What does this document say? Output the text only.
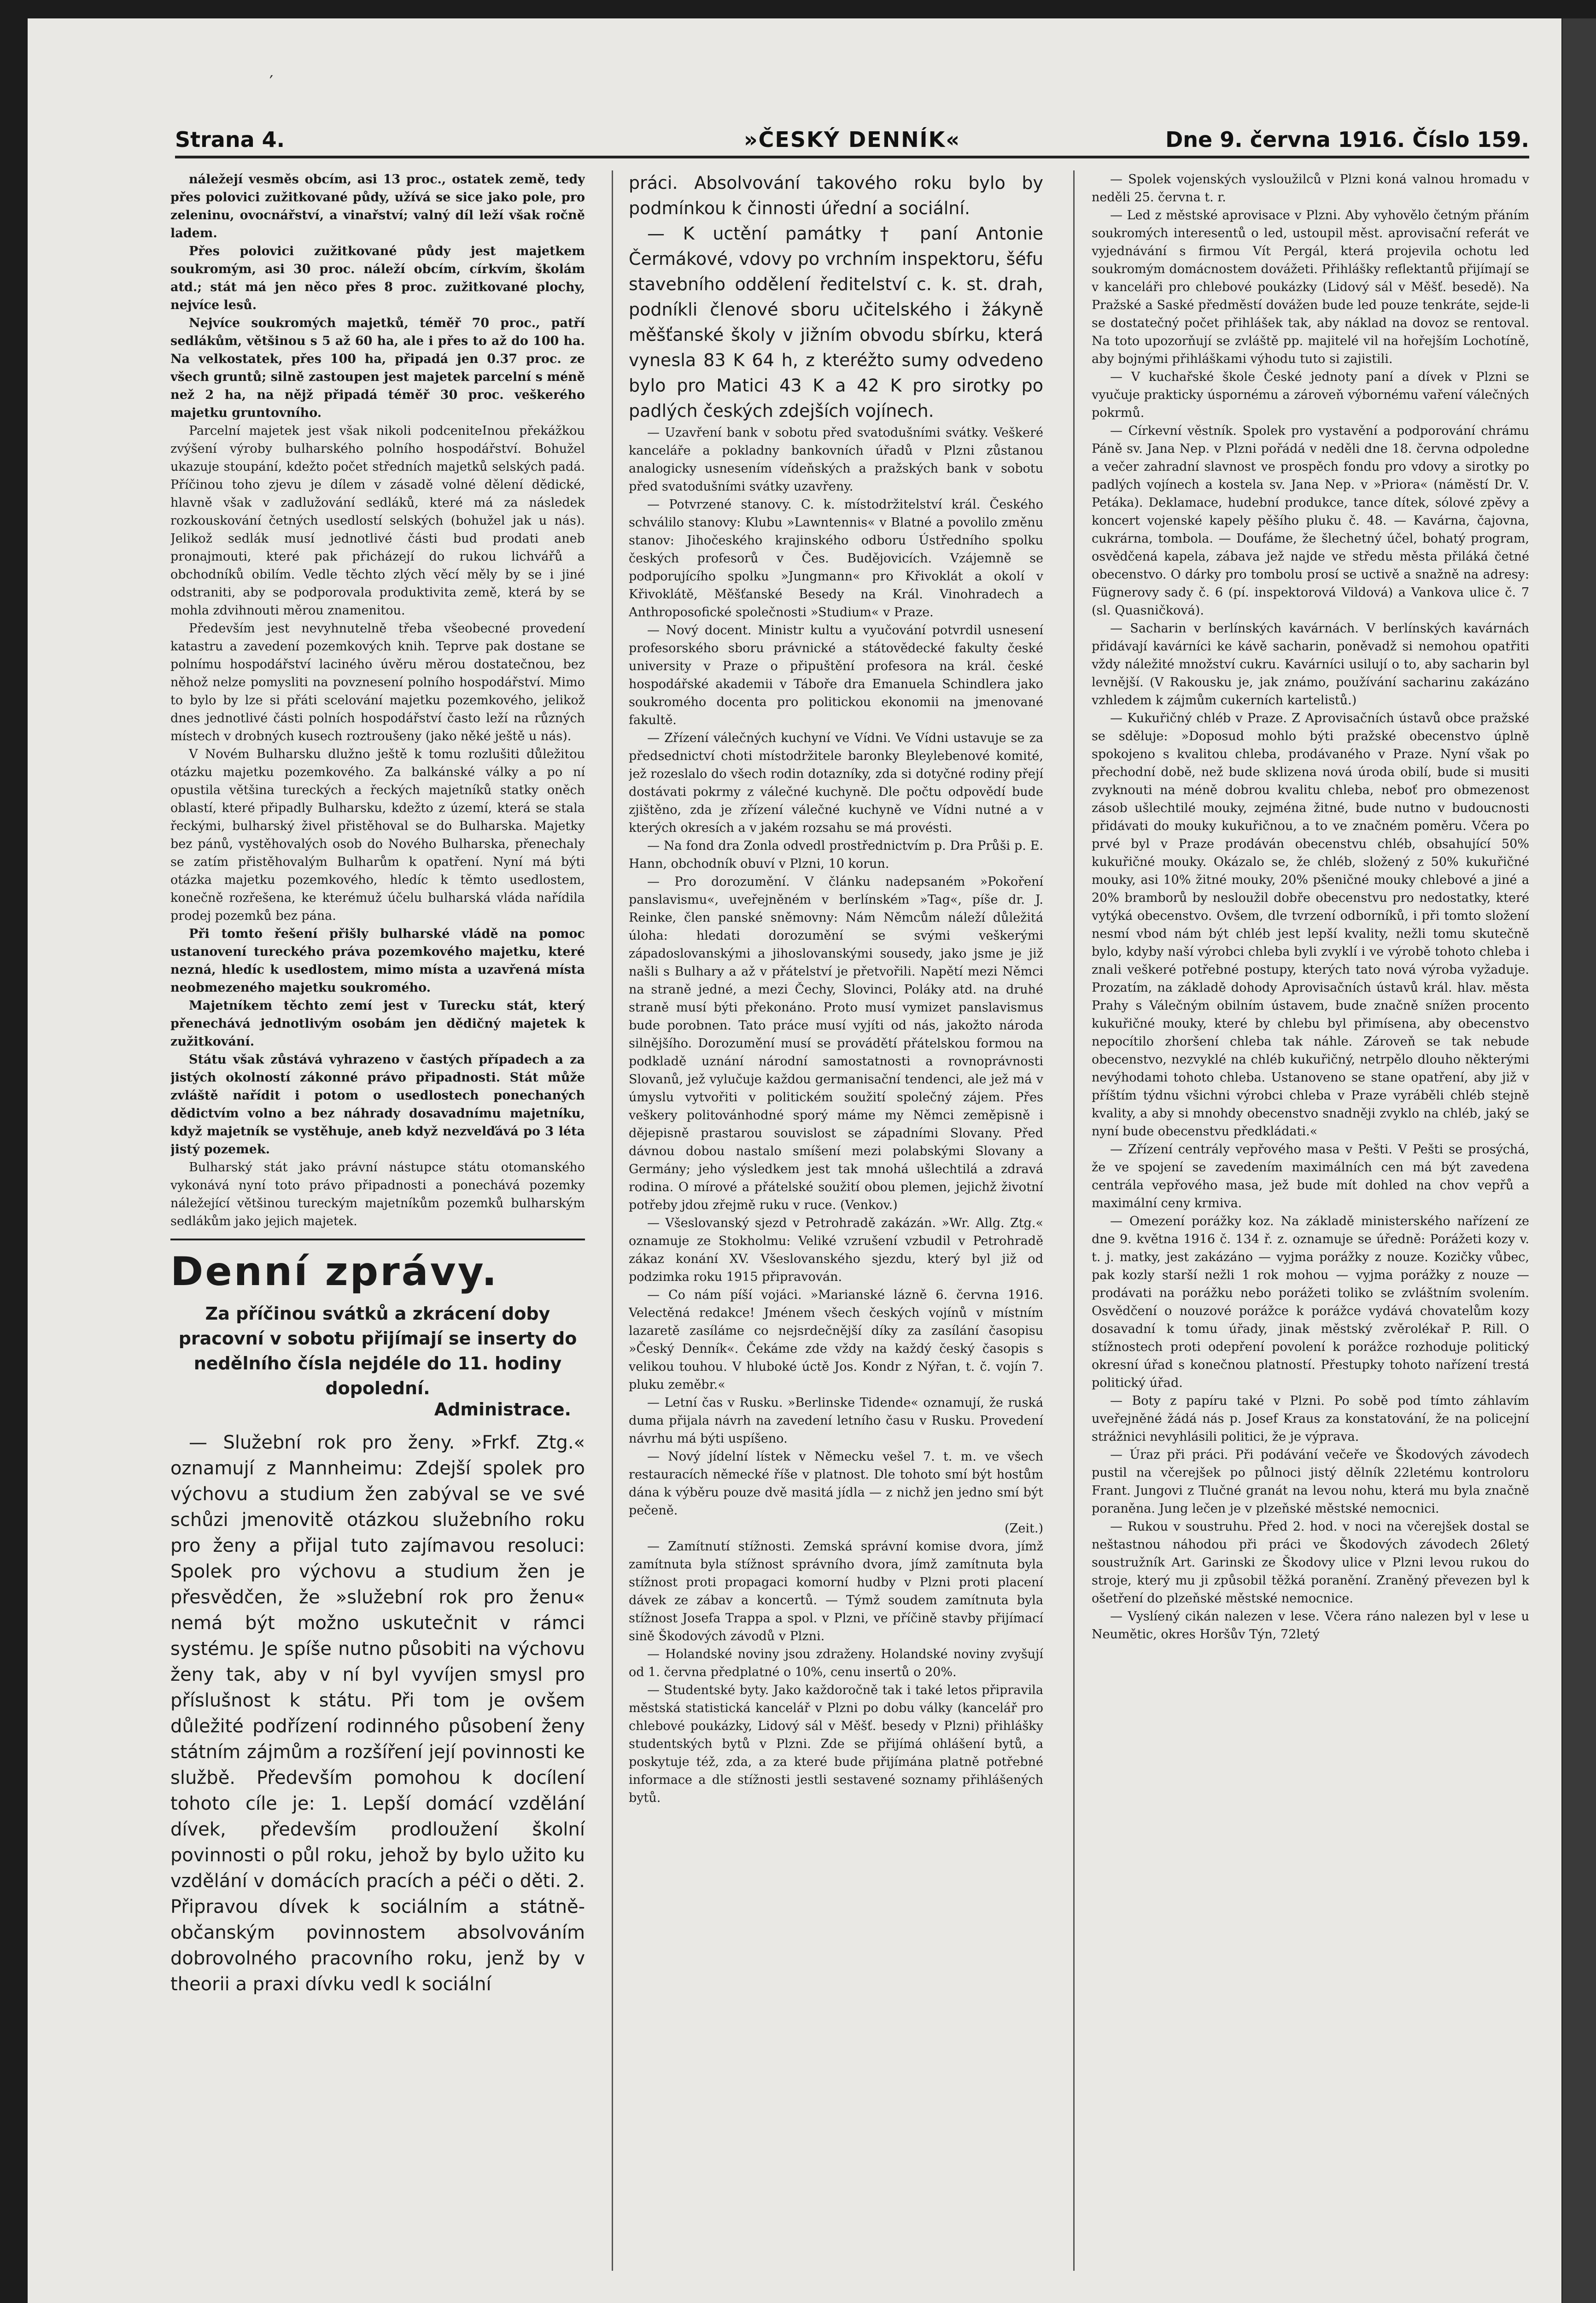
′
Strana 4.	»ČESKÝ DENNÍK«	Dne 9. června 1916. Číslo 159.

náležejí vesměs obcím, asi 13 proc., ostatek země, tedy přes polovici zužitkované půdy, užívá se sice jako pole, pro zeleninu, ovocnářství, a vinařství; valný díl leží však ročně ladem.

Přes polovici zužitkované půdy jest majetkem soukromým, asi 30 proc. náleží obcím, církvím, školám atd.; stát má jen něco přes 8 proc. zužitkované plochy, nejvíce lesů.

Nejvíce soukromých majetků, téměř 70 proc., patří sedlákům, většinou s 5 až 60 ha, ale i přes to až do 100 ha. Na velkostatek, přes 100 ha, připadá jen 0.37 proc. ze všech gruntů; silně zastoupen jest majetek parcelní s méně než 2 ha, na nějž připadá téměř 30 proc. veškerého majetku gruntovního.

Parcelní majetek jest však nikoli podceniteInou překážkou zvýšení výroby bulharského polního hospodářství. Bohužel ukazuje stoupání, kdežto počet středních majetků selských padá. Příčinou toho zjevu je dílem v zásadě volné dělení dědické, hlavně však v zadlužování sedláků, které má za následek rozkouskování četných usedlostí selských (bohužel jak u nás). Jelikož sedlák musí jednotlivé části bud prodati aneb pronajmouti, které pak přicházejí do rukou lichvářů a obchodníků obilím. Vedle těchto zlých věcí měly by se i jiné odstraniti, aby se podporovala produktivita země, která by se mohla zdvihnouti měrou znamenitou.

Především jest nevyhnutelně třeba všeobecné provedení katastru a zavedení pozemkových knih. Teprve pak dostane se polnímu hospodářství laciného úvěru měrou dostatečnou, bez něhož nelze pomysliti na povznesení polního hospodářství. Mimo to bylo by lze si přáti scelování majetku pozemkového, jelikož dnes jednotlivé části polních hospodářství často leží na různých místech v drobných kusech roztroušeny (jako něké ještě u nás).

V Novém Bulharsku dlužno ještě k tomu rozlušiti důležitou otázku majetku pozemkového. Za balkánské války a po ní opustila většina tureckých a řeckých majetníků statky oněch oblastí, které připadly Bulharsku, kdežto z území, která se stala řeckými, bulharský živel přistěhoval se do Bulharska. Majetky bez pánů, vystěhovalých osob do Nového Bulharska, přenechaly se zatím přistěhovalým Bulharům k opatření. Nyní má býti otázka majetku pozemkového, hledíc k těmto usedlostem, konečně rozřešena, ke kterémuž účelu bulharská vláda nařídila prodej pozemků bez pána.

Při tomto řešení přišly bulharské vládě na pomoc ustanovení tureckého práva pozemkového majetku, které nezná, hledíc k usedlostem, mimo místa a uzavřená místa neobmezeného majetku soukromého.

Majetníkem těchto zemí jest v Turecku stát, který přenechává jednotlivým osobám jen dědičný majetek k zužitkování.

Státu však zůstává vyhrazeno v častých případech a za jistých okolností zákonné právo připadnosti. Stát může zvláště nařídit i potom o usedlostech ponechaných dědictvím volno a bez náhrady dosavadnímu majetníku, když majetník se vystěhuje, aneb když nezvelďává po 3 léta jistý pozemek.

Bulharský stát jako právní nástupce státu otomanského vykonává nyní toto právo připadnosti a ponechává pozemky náležející většinou tureckým majetníkům pozemků bulharským sedlákům jako jejich majetek.

Denní zprávy.

Za příčinou svátků a zkrácení doby pracovní v sobotu přijímají se inserty do nedělního čísla nejdéle do 11. hodiny dopolední.

Administrace.

— Služební rok pro ženy. »Frkf. Ztg.« oznamují z Mannheimu: Zdejší spolek pro výchovu a studium žen zabýval se ve své schůzi jmenovitě otázkou služebního roku pro ženy a přijal tuto zajímavou resoluci: Spolek pro výchovu a studium žen je přesvědčen, že »služební rok pro ženu« nemá být možno uskutečnit v rámci systému. Je spíše nutno působiti na výchovu ženy tak, aby v ní byl vyvíjen smysl pro příslušnost k státu. Při tom je ovšem důležité podřízení rodinného působení ženy státním zájmům a rozšíření její povinnosti ke službě. Především pomohou k docílení tohoto cíle je: 1. Lepší domácí vzdělání dívek, především prodloužení školní povinnosti o půl roku, jehož by bylo užito ku vzdělání v domácích pracích a péči o děti. 2. Připravou dívek k sociálním a státně-občanským povinnostem absolvováním dobrovolného pracovního roku, jenž by v theorii a praxi dívku vedl k sociální

práci. Absolvování takového roku bylo by podmínkou k činnosti úřední a sociální.

— K uctění památky † paní Antonie Čermákové, vdovy po vrchním inspektoru, šéfu stavebního oddělení ředitelství c. k. st. drah, podníkli členové sboru učitelského i žákyně měšťanské školy v jižním obvodu sbírku, která vynesla 83 K 64 h, z kteréžto sumy odvedeno bylo pro Matici 43 K a 42 K pro sirotky po padlých českých zdejších vojínech.

— Uzavření bank v sobotu před svatodušními svátky. Veškeré kanceláře a pokladny bankovních úřadů v Plzni zůstanou analogicky usnesením vídeňských a pražských bank v sobotu před svatodušními svátky uzavřeny.

— Potvrzené stanovy. C. k. místodržitelství král. Českého schválilo stanovy: Klubu »Lawntennis« v Blatné a povolilo změnu stanov: Jihočeského krajinského odboru Ústředního spolku českých profesorů v Čes. Budějovicích. Vzájemně se podporujícího spolku »Jungmann« pro Křivoklát a okolí v Křivoklátě, Měšťanské Besedy na Král. Vinohradech a Anthroposofické společnosti »Studium« v Praze.

— Nový docent. Ministr kultu a vyučování potvrdil usnesení profesorského sboru právnické a státovědecké fakulty české university v Praze o připuštění profesora na král. české hospodářské akademii v Táboře dra Emanuela Schindlera jako soukromého docenta pro politickou ekonomii na jmenované fakultě.

— Zřízení válečných kuchyní ve Vídni. Ve Vídni ustavuje se za předsednictví choti místodržitele baronky Bleylebenové komité, jež rozeslalo do všech rodin dotazníky, zda si dotyčné rodiny přejí dostávati pokrmy z válečné kuchyně. Dle počtu odpovědí bude zjištěno, zda je zřízení válečné kuchyně ve Vídni nutné a v kterých okresích a v jakém rozsahu se má provésti.

— Na fond dra Zonla odvedl prostřednictvím p. Dra Průši p. E. Hann, obchodník obuví v Plzni, 10 korun.

— Pro dorozumění. V článku nadepsaném »Pokoření panslavismu«, uveřejněném v berlínském »Tag«, píše dr. J. Reinke, člen panské sněmovny: Nám Němcům náleží důležitá úloha: hledati dorozumění se svými veškerými západoslovanskými a jihoslovanskými sousedy, jako jsme je již našli s Bulhary a až v přátelství je přetvořili. Napětí mezi Němci na straně jedné, a mezi Čechy, Slovinci, Poláky atd. na druhé straně musí býti překonáno. Proto musí vymizet panslavismus bude porobnen. Tato práce musí vyjíti od nás, jakožto národa silnějšího. Dorozumění musí se provádětí přátelskou formou na podkladě uznání národní samostatnosti a rovnoprávnosti Slovanů, jež vylučuje každou germanisační tendenci, ale jež má v úmyslu vytvořiti v politickém soužití společný zájem. Přes veškery politovánhodné sporý máme my Němci zeměpisně i dějepisně prastarou souvislost se západními Slovany. Před dávnou dobou nastalo smíšení mezi polabskými Slovany a Germány; jeho výsledkem jest tak mnohá ušlechtilá a zdravá rodina. O mírové a přátelské soužití obou plemen, jejichž životní potřeby jdou zřejmě ruku v ruce. (Venkov.)

— Všeslovanský sjezd v Petrohradě zakázán. »Wr. Allg. Ztg.« oznamuje ze Stokholmu: Veliké vzrušení vzbudil v Petrohradě zákaz konání XV. Všeslovanského sjezdu, který byl již od podzimka roku 1915 připravován.

— Co nám píší vojáci. »Marianské lázně 6. června 1916. Velectěná redakce! Jménem všech českých vojínů v místním lazaretě zasíláme co nejsrdečnější díky za zasílání časopisu »Český Denník«. Čekáme zde vždy na každý český časopis s velikou touhou. V hluboké úctě Jos. Kondr z Nýřan, t. č. vojín 7. pluku zeměbr.«

— Letní čas v Rusku. »Berlinske Tidende« oznamují, že ruská duma přijala návrh na zavedení letního času v Rusku. Provedení návrhu má býti uspíšeno.

— Nový jídelní lístek v Německu vešel 7. t. m. ve všech restauracích německé říše v platnost. Dle tohoto smí být hostům dána k výběru pouze dvě masitá jídla — z nichž jen jedno smí být pečeně.

(Zeit.)

— Zamítnutí stížnosti. Zemská správní komise dvora, jímž zamítnuta byla stížnost správního dvora, jímž zamítnuta byla stížnost proti propagaci komorní hudby v Plzni proti placení dávek ze zábav a koncertů. — Týmž soudem zamítnuta byla stížnost Josefa Trappa a spol. v Plzni, ve příčině stavby přijímací sině Škodových závodů v Plzni.

— Holandské noviny jsou zdraženy. Holandské noviny zvyšují od 1. června předplatné o 10%, cenu insertů o 20%.

— Studentské byty. Jako každoročně tak i také letos připravila městská statistická kancelář v Plzni po dobu války (kancelář pro chlebové poukázky, Lidový sál v Měšť. besedy v Plzni) přihlášky studentských bytů v Plzni. Zde se přijímá ohlášení bytů, a poskytuje též, zda, a za které bude přijímána platně potřebné informace a dle stížnosti jestli sestavené soznamy přihlášených bytů.

— Spolek vojenských vysloužilců v Plzni koná valnou hromadu v neděli 25. června t. r.

— Led z městské aprovisace v Plzni. Aby vyhovělo četným přáním soukromých interesentů o led, ustoupil měst. aprovisační referát ve vyjednávání s firmou Vít Pergál, která projevila ochotu led soukromým domácnostem dovážeti. Přihlášky reflektantů přijímají se v kanceláři pro chlebové poukázky (Lidový sál v Měšť. besedě). Na Pražské a Saské předměstí dovážen bude led pouze tenkráte, sejde-li se dostatečný počet přihlášek tak, aby náklad na dovoz se rentoval. Na toto upozorňují se zvláště pp. majitelé vil na hořejším Lochotíně, aby bojnými přihláškami výhodu tuto si zajistili.

— V kuchařské škole České jednoty paní a dívek v Plzni se vyučuje prakticky úspornému a zároveň výbornému vaření válečných pokrmů.

— Církevní věstník. Spolek pro vystavění a podporování chrámu Páně sv. Jana Nep. v Plzni pořádá v neděli dne 18. června odpoledne a večer zahradní slavnost ve prospěch fondu pro vdovy a sirotky po padlých vojínech a kostela sv. Jana Nep. v »Priora« (náměstí Dr. V. Petáka). Deklamace, hudební produkce, tance dítek, sólové zpěvy a koncert vojenské kapely pěšího pluku č. 48. — Kavárna, čajovna, cukrárna, tombola. — Doufáme, že šlechetný účel, bohatý program, osvědčená kapela, zábava jež najde ve středu města přiláká četné obecenstvo. O dárky pro tombolu prosí se uctivě a snažně na adresy: Fügnerovy sady č. 6 (pí. inspektorová Vildová) a Vankova ulice č. 7 (sl. Quasničková).

— Sacharin v berlínských kavárnách. V berlínských kavárnách přidávají kavárníci ke kávě sacharin, poněvadž si nemohou opatřiti vždy náležité množství cukru. Kavárníci usilují o to, aby sacharin byl levnější. (V Rakousku je, jak známo, používání sacharinu zakázáno vzhledem k zájmům cukerních kartelistů.)

— Kukuřičný chléb v Praze. Z Aprovisačních ústavů obce pražské se sděluje: »Doposud mohlo býti pražské obecenstvo úplně spokojeno s kvalitou chleba, prodávaného v Praze. Nyní však po přechodní době, než bude sklizena nová úroda obilí, bude si musiti zvyknouti na méně dobrou kvalitu chleba, neboť pro obmezenost zásob ušlechtilé mouky, zejména žitné, bude nutno v budoucnosti přidávati do mouky kukuřičnou, a to ve značném poměru. Včera po prvé byl v Praze prodáván obecenstvu chléb, obsahující 50% kukuřičné mouky. Okázalo se, že chléb, složený z 50% kukuřičné mouky, asi 10% žitné mouky, 20% pšeničné mouky chlebové a jiné a 20% bramborů by nesloužil dobře obecenstvu pro nedostatky, které vytýká obecenstvo. Ovšem, dle tvrzení odborníků, i při tomto složení nesmí vbod nám být chléb jest lepší kvality, nežli tomu skutečně bylo, kdyby naší výrobci chleba byli zvyklí i ve výrobě tohoto chleba i znali veškeré potřebné postupy, kterých tato nová výroba vyžaduje. Prozatím, na základě dohody Aprovisačních ústavů král. hlav. města Prahy s Válečným obilním ústavem, bude značně snížen procento kukuřičné mouky, které by chlebu byl přimísena, aby obecenstvo nepocítilo zhoršení chleba tak náhle. Zároveň se tak nebude obecenstvo, nezvyklé na chléb kukuřičný, netrpělo dlouho některými nevýhodami tohoto chleba. Ustanoveno se stane opatření, aby již v příštím týdnu všichni výrobci chleba v Praze vyráběli chléb stejně kvality, a aby si mnohdy obecenstvo snadněji zvyklo na chléb, jaký se nyní bude obecenstvu předkládati.«

— Zřízení centrály vepřového masa v Pešti. V Pešti se prosýchá, že ve spojení se zavedením maximálních cen má být zavedena centrála vepřového masa, jež bude mít dohled na chov vepřů a maximální ceny krmiva.

— Omezení porážky koz. Na základě ministerského nařízení ze dne 9. května 1916 č. 134 ř. z. oznamuje se úředně: Porážeti kozy v. t. j. matky, jest zakázáno — vyjma porážky z nouze. Kozičky vůbec, pak kozly starší nežli 1 rok mohou — vyjma porážky z nouze — prodávati na porážku nebo porážeti toliko se zvláštním svolením. Osvědčení o nouzové porážce k porážce vydává chovatelům kozy dosavadní k tomu úřady, jinak městský zvěrolékař P. Rill. O stížnostech proti odepření povolení k porážce rozhoduje politický okresní úřad s konečnou platností. Přestupky tohoto nařízení trestá politický úřad.

— Boty z papíru také v Plzni. Po sobě pod tímto záhlavím uveřejněné žádá nás p. Josef Kraus za konstatování, že na policejní strážnici nevyhlásili politici, že je výprava.

— Úraz při práci. Při podávání večeře ve Škodových závodech pustil na včerejšek po půlnoci jistý dělník 22letému kontroloru Frant. Jungovi z Tlučné granát na levou nohu, která mu byla značně poraněna. Jung lečen je v plzeňské městské nemocnici.

— Rukou v soustruhu. Před 2. hod. v noci na včerejšek dostal se neštastnou náhodou při práci ve Škodových závodech 26letý soustružník Art. Garinski ze Škodovy ulice v Plzni levou rukou do stroje, který mu ji způsobil těžká poranění. Zraněný převezen byl k ošetření do plzeňské městské nemocnice.

— Vyslíený cikán nalezen v lese. Včera ráno nalezen byl v lese u Neumětic, okres Horšův Týn, 72letý
